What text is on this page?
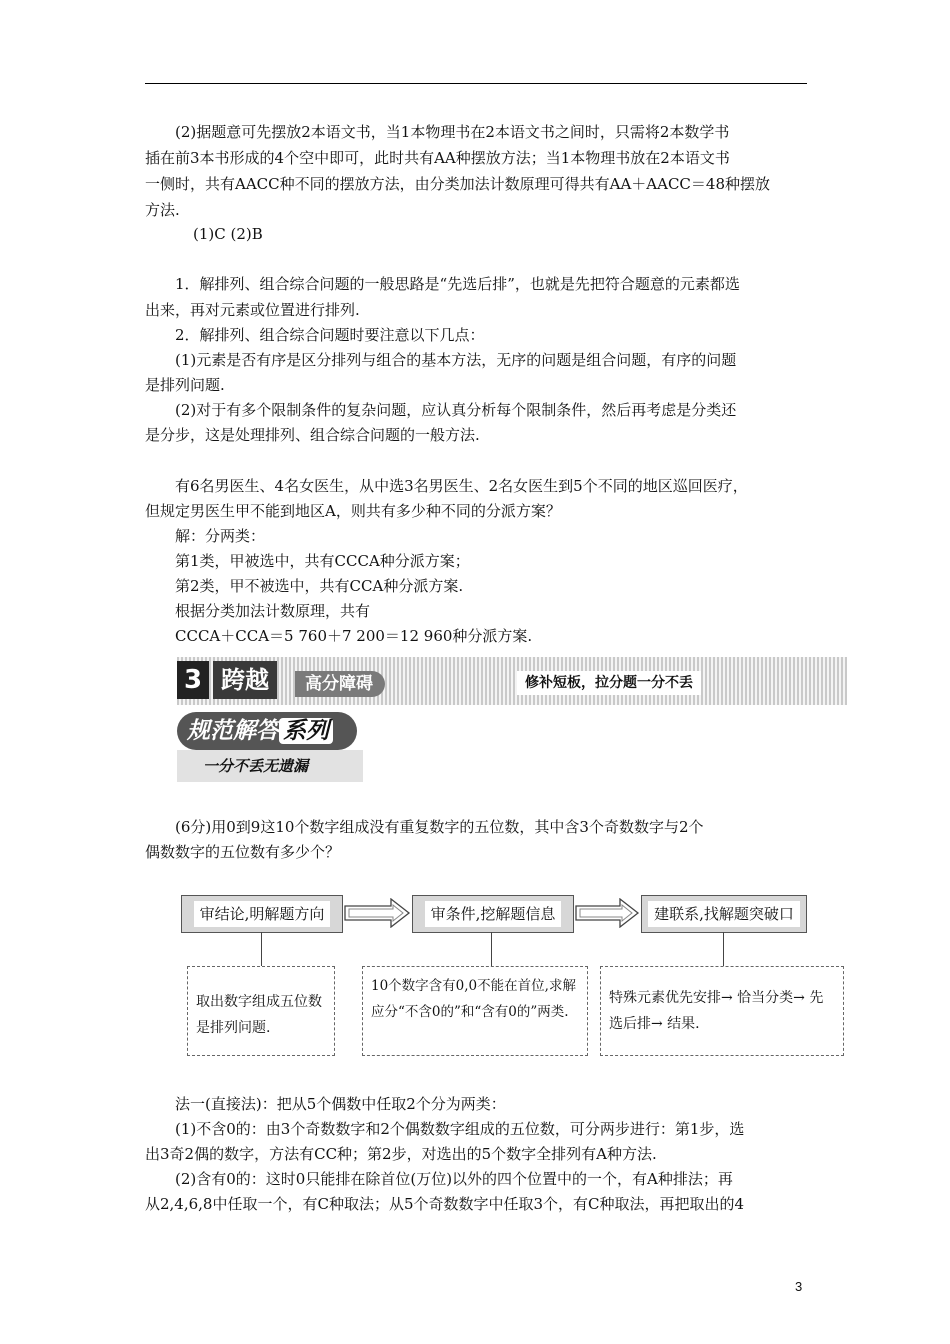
(2)据题意可先摆放2本语文书，当1本物理书在2本语文书之间时，只需将2本数学书
插在前3本书形成的4个空中即可，此时共有AA种摆放方法；当1本物理书放在2本语文书
一侧时，共有AACC种不同的摆放方法，由分类加法计数原理可得共有AA＋AACC＝48种摆放
方法.
(1)C (2)B
1．解排列、组合综合问题的一般思路是“先选后排”，也就是先把符合题意的元素都选
出来，再对元素或位置进行排列.
2．解排列、组合综合问题时要注意以下几点：
(1)元素是否有序是区分排列与组合的基本方法，无序的问题是组合问题，有序的问题
是排列问题.
(2)对于有多个限制条件的复杂问题，应认真分析每个限制条件，然后再考虑是分类还
是分步，这是处理排列、组合综合问题的一般方法.
有6名男医生、4名女医生，从中选3名男医生、2名女医生到5个不同的地区巡回医疗，
但规定男医生甲不能到地区A，则共有多少种不同的分派方案？
解：分两类：
第1类，甲被选中，共有CCCA种分派方案；
第2类，甲不被选中，共有CCA种分派方案.
根据分类加法计数原理，共有
CCCA＋CCA＝5 760＋7 200＝12 960种分派方案.
3 跨越	高分障碍	修补短板，拉分题一分不丢
规范解答 系列
一分不丢无遗漏
(6分)用0到9这10个数字组成没有重复数字的五位数，其中含3个奇数数字与2个
偶数数字的五位数有多少个？
审结论,明解题方向	审条件,挖解题信息	建联系,找解题突破口
取出数字组成五位数是排列问题.
10个数字含有0,0不能在首位,求解应分“不含0的”和“含有0的”两类.
特殊元素优先安排→ 恰当分类→ 先选后排→ 结果.
法一(直接法)：把从5个偶数中任取2个分为两类：
(1)不含0的：由3个奇数数字和2个偶数数字组成的五位数，可分两步进行：第1步，选
出3奇2偶的数字，方法有CC种；第2步，对选出的5个数字全排列有A种方法.
(2)含有0的：这时0只能排在除首位(万位)以外的四个位置中的一个，有A种排法；再
从2,4,6,8中任取一个，有C种取法；从5个奇数数字中任取3个，有C种取法，再把取出的4
3
